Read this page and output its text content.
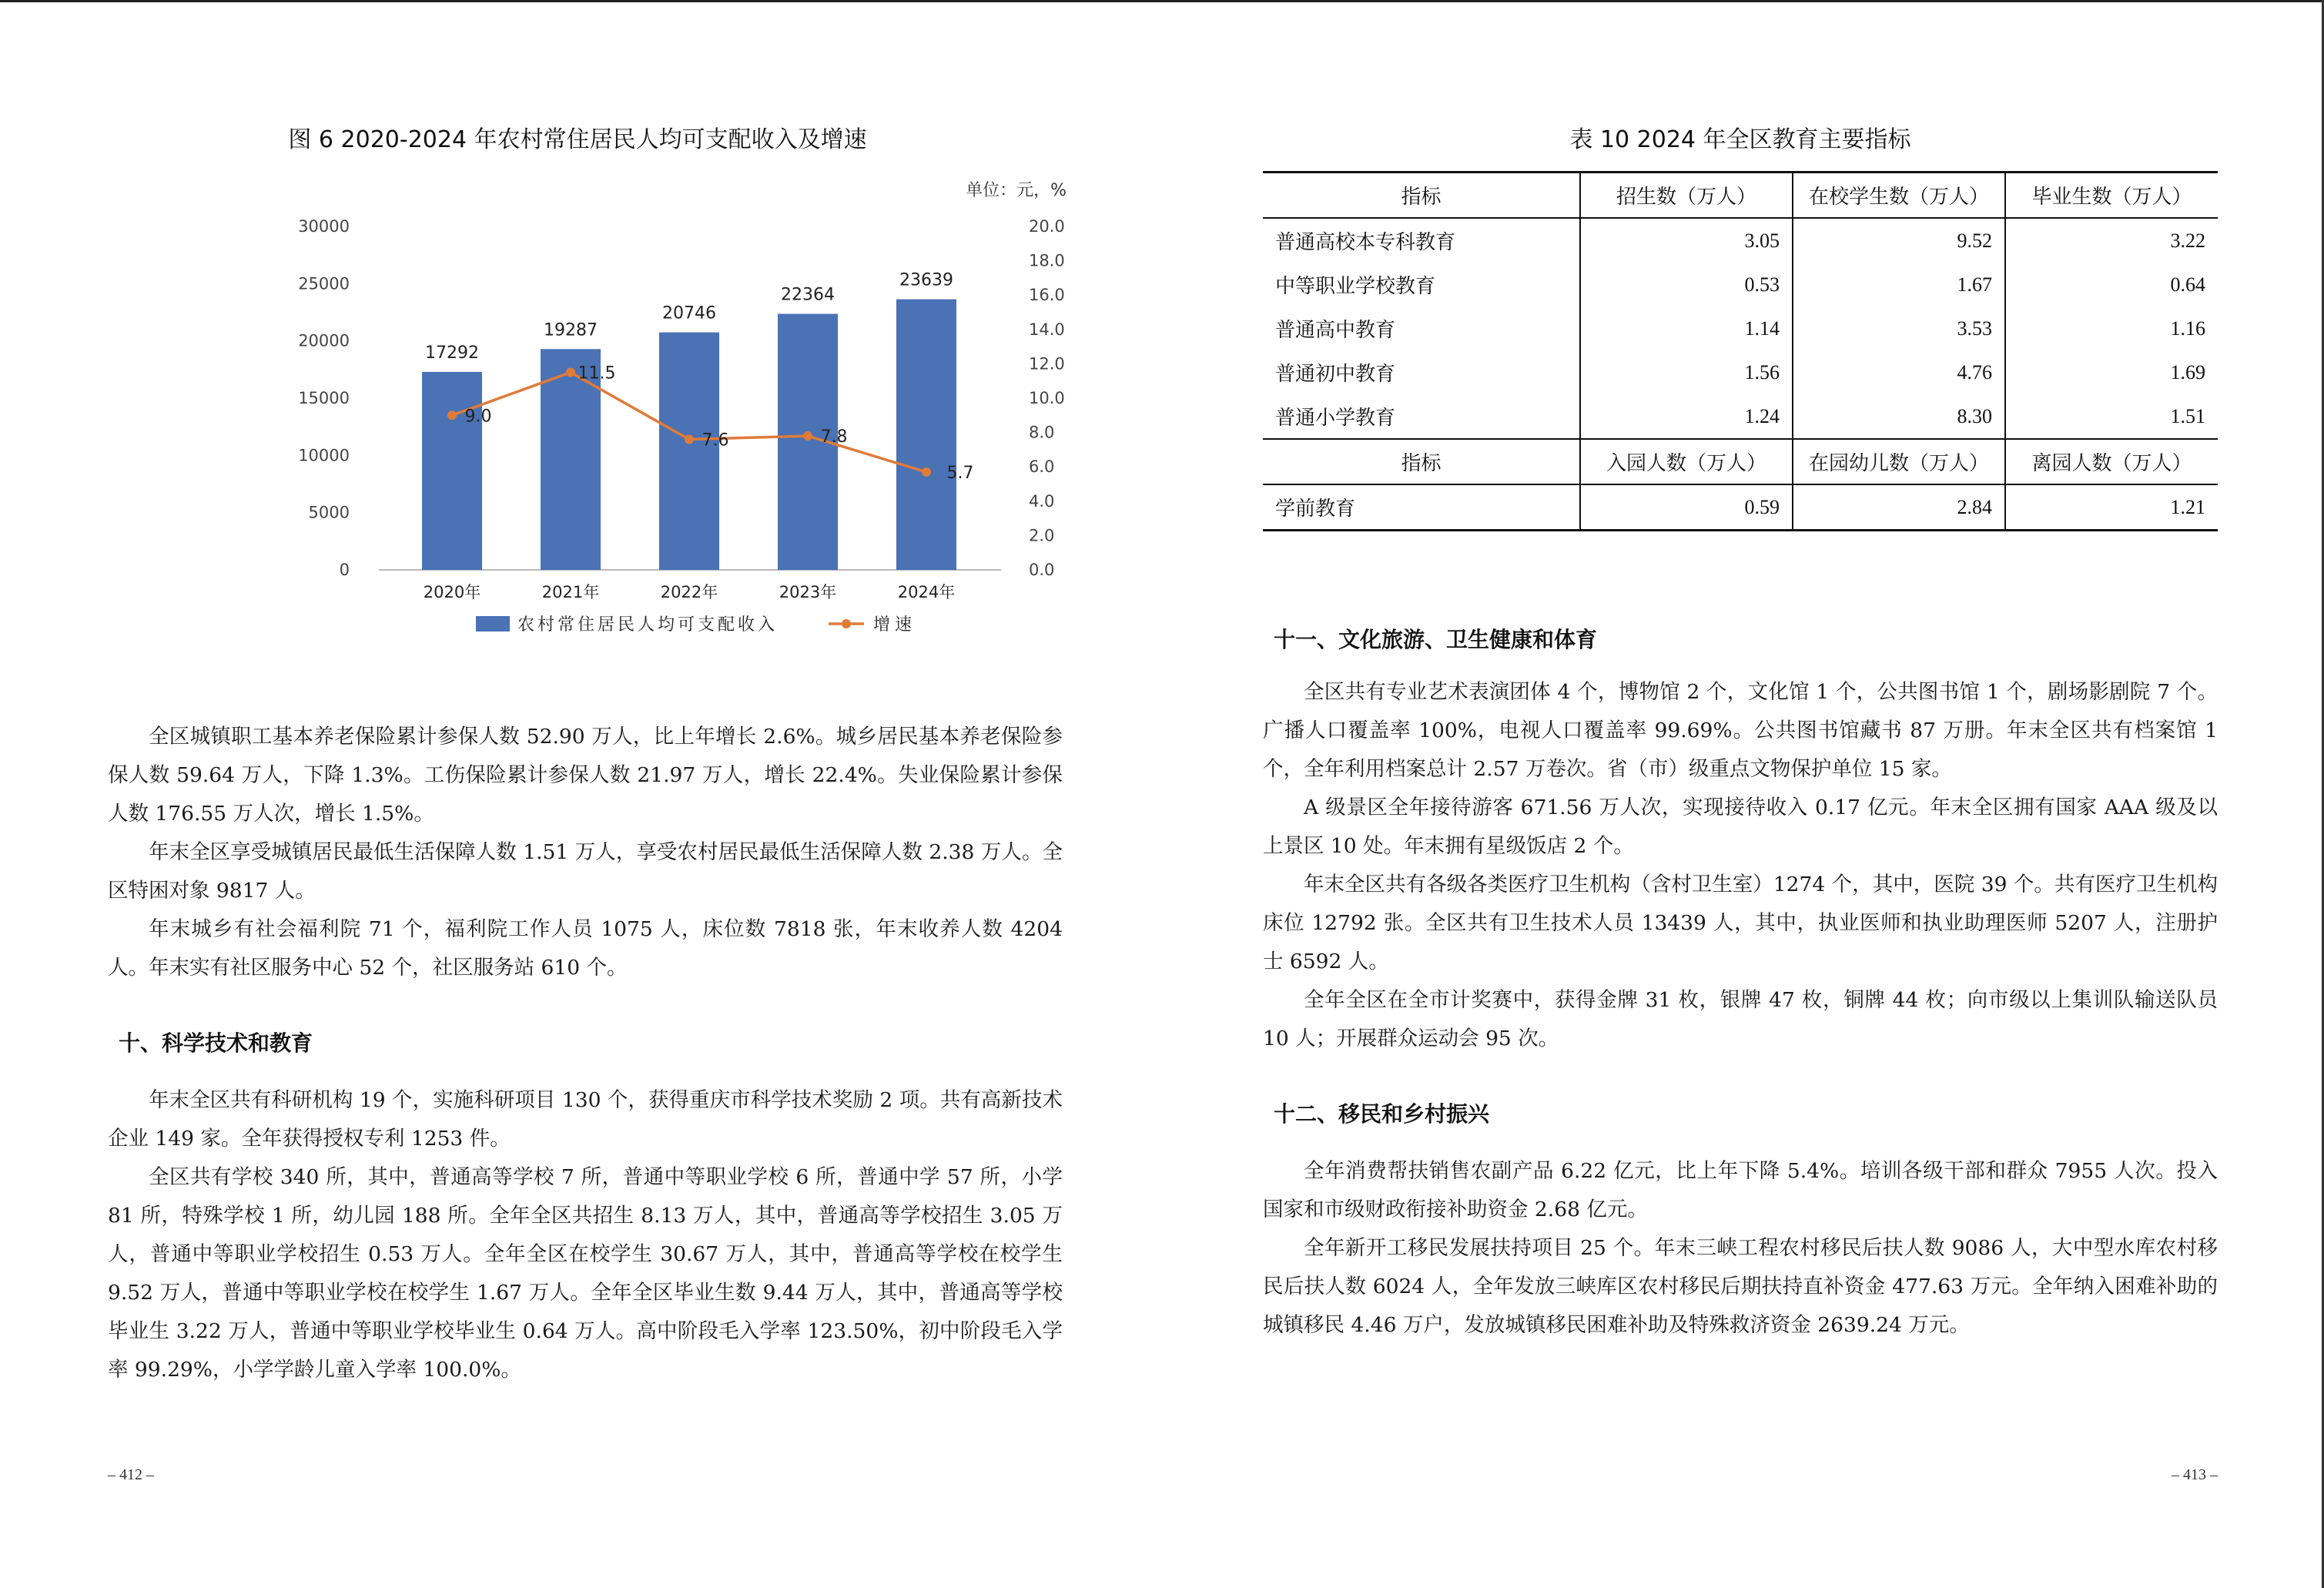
图 6 2020-2024 年农村常住居民人均可支配收入及增速
单位：元，%
0
5000
10000
15000
20000
25000
30000
0.0
2.0
4.0
6.0
8.0
10.0
12.0
14.0
16.0
18.0
20.0
17292
19287
20746
22364
23639
2020年	2021年	2022年	2023年	2024年
9.0
11.5
7.6	7.8
5.7
农村常住居民人均可支配收入	增速

全区城镇职工基本养老保险累计参保人数 52.90 万人，比上年增长 2.6%。城乡居民基本养老保险参保人数 59.64 万人，下降 1.3%。工伤保险累计参保人数 21.97 万人，增长 22.4%。失业保险累计参保人数 176.55 万人次，增长 1.5%。

年末全区享受城镇居民最低生活保障人数 1.51 万人，享受农村居民最低生活保障人数 2.38 万人。全区特困对象 9817 人。

年末城乡有社会福利院 71 个，福利院工作人员 1075 人，床位数 7818 张，年末收养人数 4204 人。年末实有社区服务中心 52 个，社区服务站 610 个。

十、科学技术和教育

年末全区共有科研机构 19 个，实施科研项目 130 个，获得重庆市科学技术奖励 2 项。共有高新技术企业 149 家。全年获得授权专利 1253 件。

全区共有学校 340 所，其中，普通高等学校 7 所，普通中等职业学校 6 所，普通中学 57 所，小学 81 所，特殊学校 1 所，幼儿园 188 所。全年全区共招生 8.13 万人，其中，普通高等学校招生 3.05 万人，普通中等职业学校招生 0.53 万人。全年全区在校学生 30.67 万人，其中，普通高等学校在校学生 9.52 万人，普通中等职业学校在校学生 1.67 万人。全年全区毕业生数 9.44 万人，其中，普通高等学校毕业生 3.22 万人，普通中等职业学校毕业生 0.64 万人。高中阶段毛入学率 123.50%，初中阶段毛入学率 99.29%，小学学龄儿童入学率 100.0%。

– 412 –
表 10 2024 年全区教育主要指标
指标	招生数（万人）	在校学生数（万人）	毕业生数（万人）
普通高校本专科教育	3.05	9.52	3.22
中等职业学校教育	0.53	1.67	0.64
普通高中教育	1.14	3.53	1.16
普通初中教育	1.56	4.76	1.69
普通小学教育	1.24	8.30	1.51
指标	入园人数（万人）	在园幼儿数（万人）	离园人数（万人）
学前教育	0.59	2.84	1.21
十一、文化旅游、卫生健康和体育

全区共有专业艺术表演团体 4 个，博物馆 2 个，文化馆 1 个，公共图书馆 1 个，剧场影剧院 7 个。广播人口覆盖率 100%，电视人口覆盖率 99.69%。公共图书馆藏书 87 万册。年末全区共有档案馆 1 个，全年利用档案总计 2.57 万卷次。省（市）级重点文物保护单位 15 家。

A 级景区全年接待游客 671.56 万人次，实现接待收入 0.17 亿元。年末全区拥有国家 AAA 级及以上景区 10 处。年末拥有星级饭店 2 个。

年末全区共有各级各类医疗卫生机构（含村卫生室）1274 个，其中，医院 39 个。共有医疗卫生机构床位 12792 张。全区共有卫生技术人员 13439 人，其中，执业医师和执业助理医师 5207 人，注册护士 6592 人。

全年全区在全市计奖赛中，获得金牌 31 枚，银牌 47 枚，铜牌 44 枚；向市级以上集训队输送队员 10 人；开展群众运动会 95 次。

十二、移民和乡村振兴

全年消费帮扶销售农副产品 6.22 亿元，比上年下降 5.4%。培训各级干部和群众 7955 人次。投入国家和市级财政衔接补助资金 2.68 亿元。

全年新开工移民发展扶持项目 25 个。年末三峡工程农村移民后扶人数 9086 人，大中型水库农村移民后扶人数 6024 人，全年发放三峡库区农村移民后期扶持直补资金 477.63 万元。全年纳入困难补助的城镇移民 4.46 万户，发放城镇移民困难补助及特殊救济资金 2639.24 万元。

– 413 –
